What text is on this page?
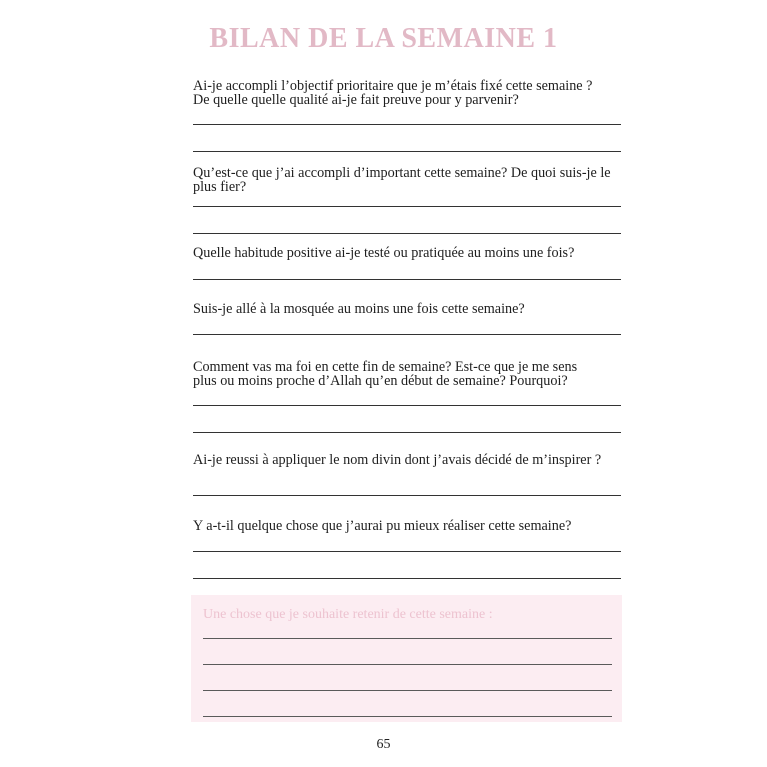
BILAN DE LA SEMAINE 1
Ai-je accompli l’objectif prioritaire que je m’étais fixé cette semaine ?
De quelle quelle qualité ai-je fait preuve pour y parvenir?
Qu’est-ce que j’ai accompli d’important cette semaine? De quoi suis-je le
plus fier?
Quelle habitude positive ai-je testé ou pratiquée au moins une fois?
Suis-je allé à la mosquée au moins une fois cette semaine?
Comment vas ma foi en cette fin de semaine? Est-ce que je me sens
plus ou moins proche d’Allah qu’en début de semaine? Pourquoi?
Ai-je reussi à appliquer le nom divin dont j’avais décidé de m’inspirer ?
Y a-t-il quelque chose que j’aurai pu mieux réaliser cette semaine?
Une chose que je souhaite retenir de cette semaine :
65
